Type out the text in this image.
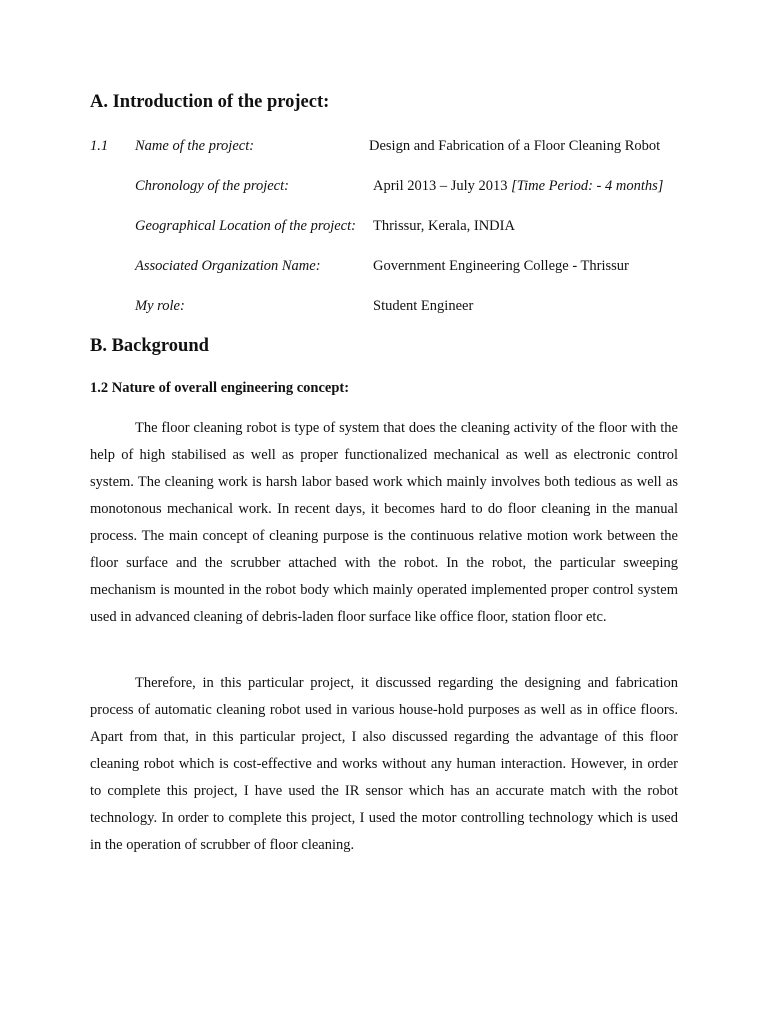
A. Introduction of the project:
1.1 Name of the project:	Design and Fabrication of a Floor Cleaning Robot
Chronology of the project:	April 2013 – July 2013 [Time Period: - 4 months]
Geographical Location of the project: Thrissur, Kerala, INDIA
Associated Organization Name:	Government Engineering College - Thrissur
My role:	Student Engineer
B. Background
1.2 Nature of overall engineering concept:

The floor cleaning robot is type of system that does the cleaning activity of the floor with the help of high stabilised as well as proper functionalized mechanical as well as electronic control system. The cleaning work is harsh labor based work which mainly involves both tedious as well as monotonous mechanical work. In recent days, it becomes hard to do floor cleaning in the manual process. The main concept of cleaning purpose is the continuous relative motion work between the floor surface and the scrubber attached with the robot. In the robot, the particular sweeping mechanism is mounted in the robot body which mainly operated implemented proper control system used in advanced cleaning of debris-laden floor surface like office floor, station floor etc.

Therefore, in this particular project, it discussed regarding the designing and fabrication process of automatic cleaning robot used in various house-hold purposes as well as in office floors. Apart from that, in this particular project, I also discussed regarding the advantage of this floor cleaning robot which is cost-effective and works without any human interaction. However, in order to complete this project, I have used the IR sensor which has an accurate match with the robot technology. In order to complete this project, I used the motor controlling technology which is used in the operation of scrubber of floor cleaning.
